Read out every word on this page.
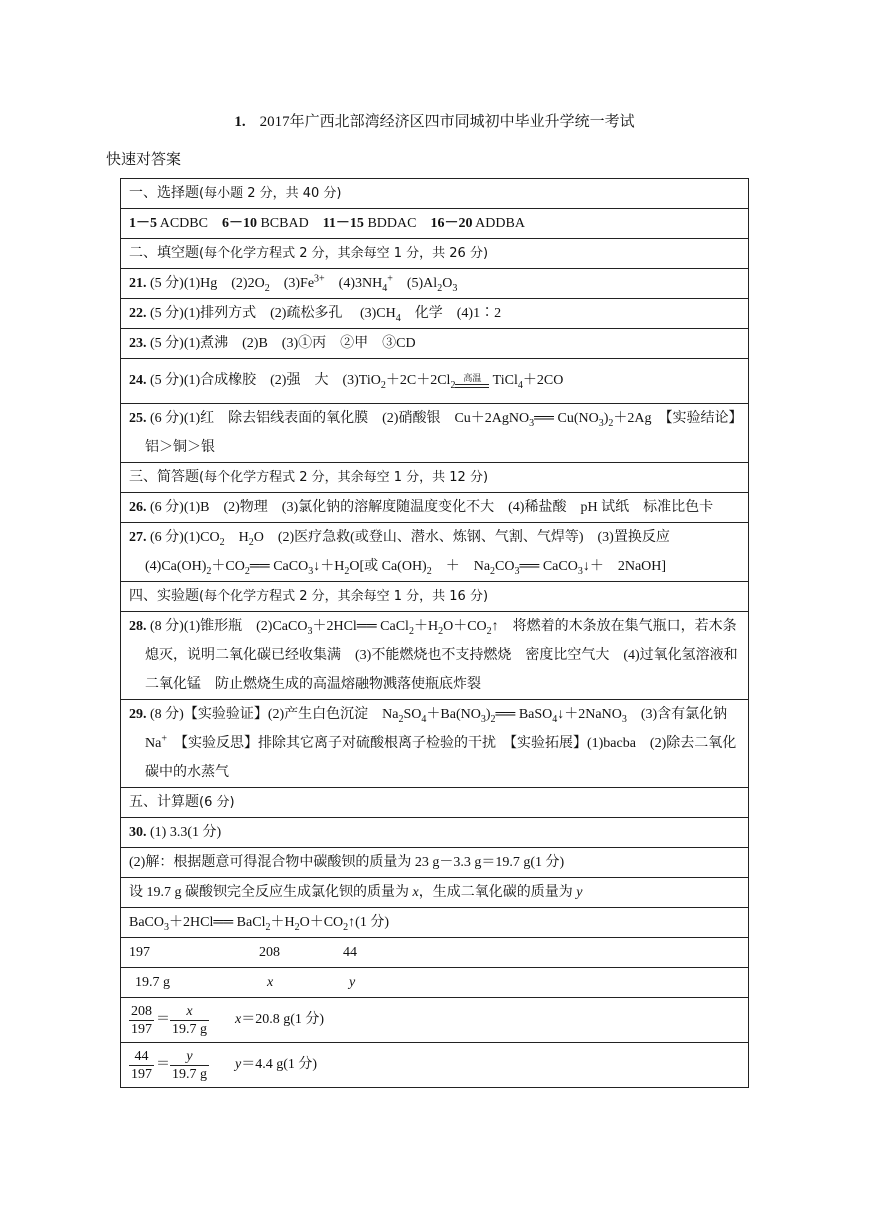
1. 2017年广西北部湾经济区四市同城初中毕业升学统一考试
快速对答案
一、选择题(每小题 2 分，共 40 分)
1－5 ACDBC 6－10 BCBAD 11－15 BDDAC 16－20 ADDBA
二、填空题(每个化学方程式 2 分，其余每空 1 分，共 26 分)
21. (5 分)(1)Hg　$(2)2O_2$　$(3)Fe^{3+}$　$(4)3NH_4^+$　$(5)Al_2O_3$
22. (5 分)(1)排列方式　(2)疏松多孔　 $(3)CH_4$　化学　(4)1∶2
23. (5 分)(1)煮沸　(2)B　(3)①丙　②甲　③CD
24. (5 分)(1)合成橡胶　(2)强　大　$(3)TiO_2+2C+2Cl_2$
高温 TiCl$_4$＋2CO
25. (6 分)(1)红　除去铝线表面的氧化膜　(2)硝酸银　Cu＋2AgNO$_3$══ $Cu(NO_3)_2+2Ag$　【实验结论】铝＞铜＞银
三、简答题(每个化学方程式 2 分，其余每空 1 分，共 12 分)
26. (6 分)(1)B　(2)物理　(3)氯化钠的溶解度随温度变化不大　(4)稀盐酸　pH 试纸　标准比色卡
27. (6 分)$(1)CO_2$　$H_2O$　(2)医疗急救(或登山、潜水、炼钢、气割、气焊等)　(3)置换反应
$(4)Ca(OH)_2+CO_2══$ $CaCO_3↓+H_2O$[或 $Ca(OH)_2$　＋　$Na_2CO_3══$ CaCO$_3$↓＋　2NaOH]
四、实验题(每个化学方程式 2 分，其余每空 1 分，共 16 分)
28. (8 分)(1)锥形瓶　(2)CaCO$_3$＋2HCl══ $CaCl_2+H_2O+CO_2↑$　将燃着的木条放在集气瓶口，若木条熄灭，说明二氧化碳已经收集满　(3)不能燃烧也不支持燃烧　密度比空气大　(4)过氧化氢溶液和二氧化锰　防止燃烧生成的高温熔融物溅落使瓶底炸裂
29. (8 分)【实验验证】(2)产生白色沉淀　$Na_2SO_4+Ba(NO_3)_2══$ BaSO$_4$↓＋2NaNO$_3$　(3)含有氯化钠　Na+　【实验反思】排除其它离子对硫酸根离子检验的干扰　【实验拓展】(1)bacba　(2)除去二氧化碳中的水蒸气
五、计算题(6 分)
30. (1) 3.3(1 分)
(2)解：根据题意可得混合物中碳酸钡的质量为 23 g－3.3 g＝19.7 g(1 分)
设 19.7 g 碳酸钡完全反应生成氯化钡的质量为 x，生成二氧化碳的质量为 y
BaCO$_3$＋2HCl══ $BaCl_2+H_2O+CO_2↑(1$ 分)
197	208	44
19.7 g	x	y

$\frac{208}{197} = \frac{x}{19.7 g} x=20.8$ g(1 分)

$\frac{44}{197} = \frac{y}{19.7 g} y=4.4$ g(1 分)
